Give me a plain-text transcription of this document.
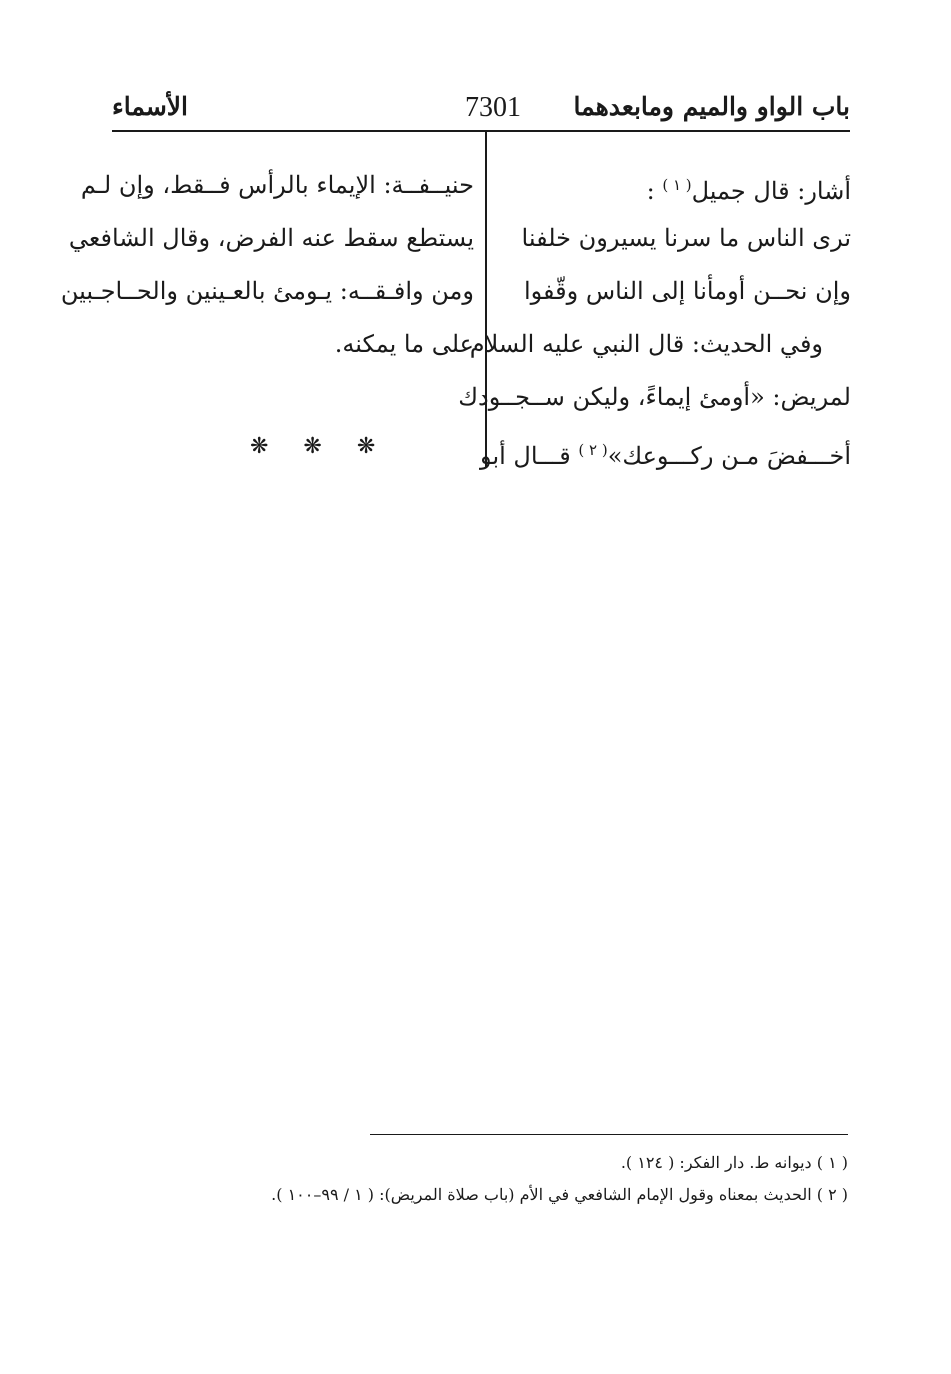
باب الواو والميم ومابعدهما
7301
الأسماء
أشار: قال جميل$^{( ١ )}$ :
ترى الناس ما سرنا يسيرون خلفنا
وإن نحــن أومأنا إلى الناس وقّفوا
وفي الحديث: قال النبي عليه السلام
لمريض: «أومئ إيماءً، وليكن ســجــودك
أخـــفضَ مـن ركـــوعك»$^{( ٢ )}$ قـــال أبو
حنيــفــة: الإيماء بالرأس فــقط، وإن لـم
يستطع سقط عنه الفرض، وقال الشافعي
ومن وافـقــه: يـومئ بالعـينين والحــاجـبين
على ما يمكنه.
❋ ❋ ❋
( ١ ) ديوانه ط. دار الفكر: ( ١٢٤ ).
( ٢ ) الحديث بمعناه وقول الإمام الشافعي في الأم (باب صلاة المريض): ( ١ / ٩٩–١٠٠ ).
